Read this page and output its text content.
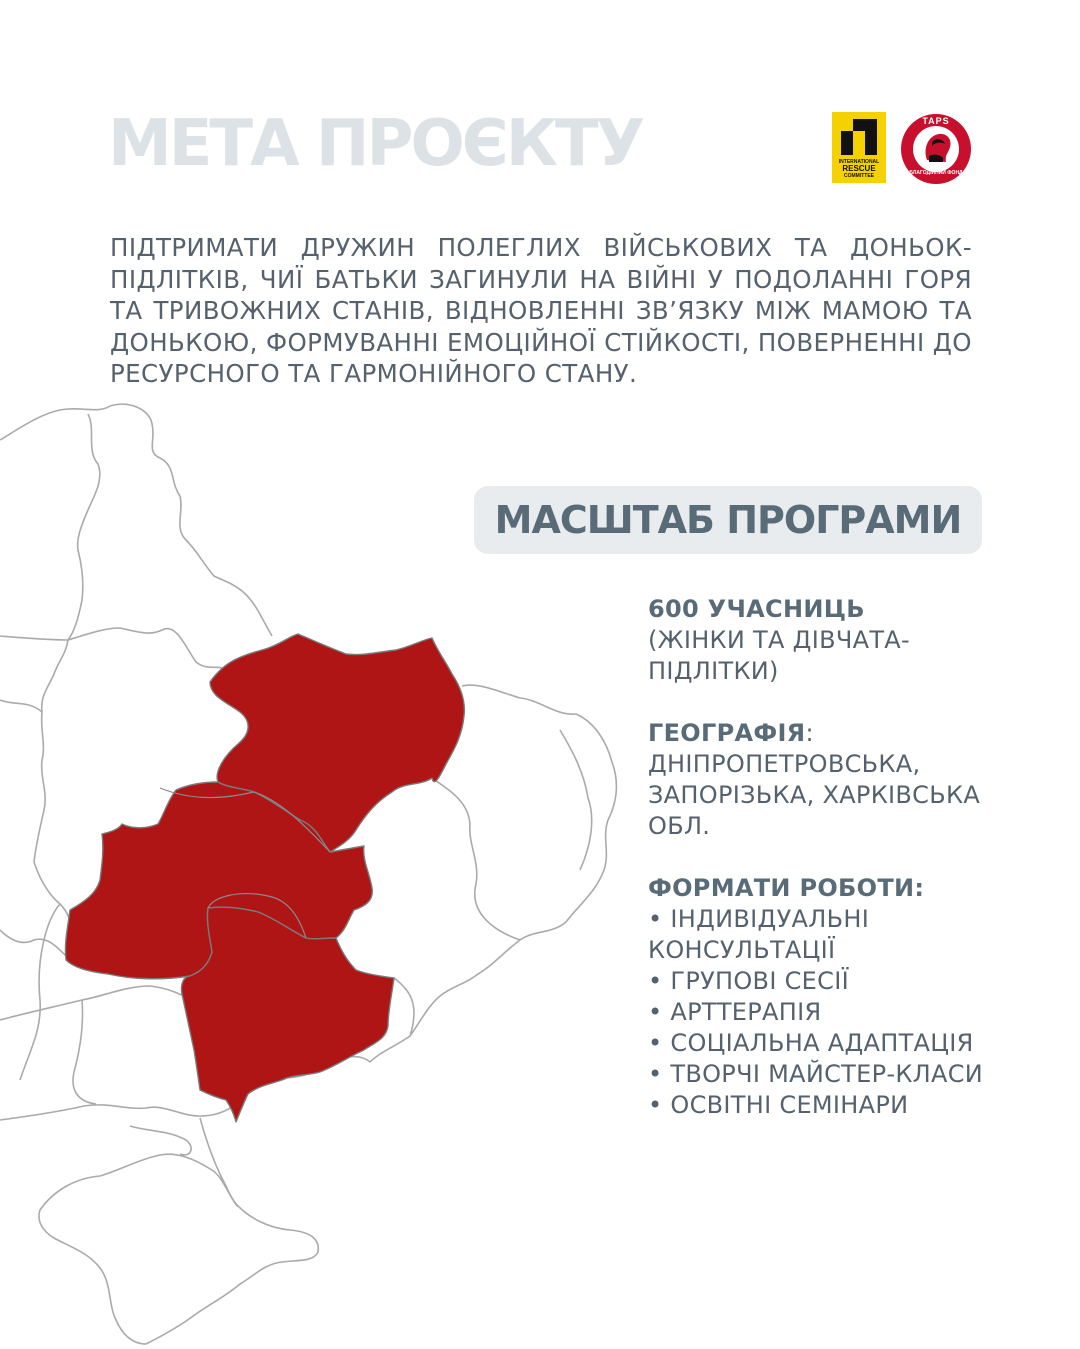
МЕТА ПРОЄКТУ	INTERNATIONAL
RESCUE
COMMITTEE
TAPS
БЛАГОДІЙНИЙ ФОНД

ПІДТРИМАТИ ДРУЖИН ПОЛЕГЛИХ ВІЙСЬКОВИХ ТА ДОНЬОК-ПІДЛІТКІВ, ЧИЇ БАТЬКИ ЗАГИНУЛИ НА ВІЙНІ У ПОДОЛАННІ ГОРЯ ТА ТРИВОЖНИХ СТАНІВ, ВІДНОВЛЕННІ ЗВ’ЯЗКУ МІЖ МАМОЮ ТА ДОНЬКОЮ, ФОРМУВАННІ ЕМОЦІЙНОЇ СТІЙКОСТІ, ПОВЕРНЕННІ ДО РЕСУРСНОГО ТА ГАРМОНІЙНОГО СТАНУ.

МАСШТАБ ПРОГРАМИ

600 УЧАСНИЦЬ

(ЖІНКИ ТА ДІВЧАТА-ПІДЛІТКИ)

ГЕОГРАФІЯ:

ДНІПРОПЕТРОВСЬКА, ЗАПОРІЗЬКА, ХАРКІВСЬКА ОБЛ.

ФОРМАТИ РОБОТИ:

• ІНДИВІДУАЛЬНІ КОНСУЛЬТАЦІЇ

• ГРУПОВІ СЕСІЇ

• АРТТЕРАПІЯ

• СОЦІАЛЬНА АДАПТАЦІЯ

• ТВОРЧІ МАЙСТЕР-КЛАСИ

• ОСВІТНІ СЕМІНАРИ
